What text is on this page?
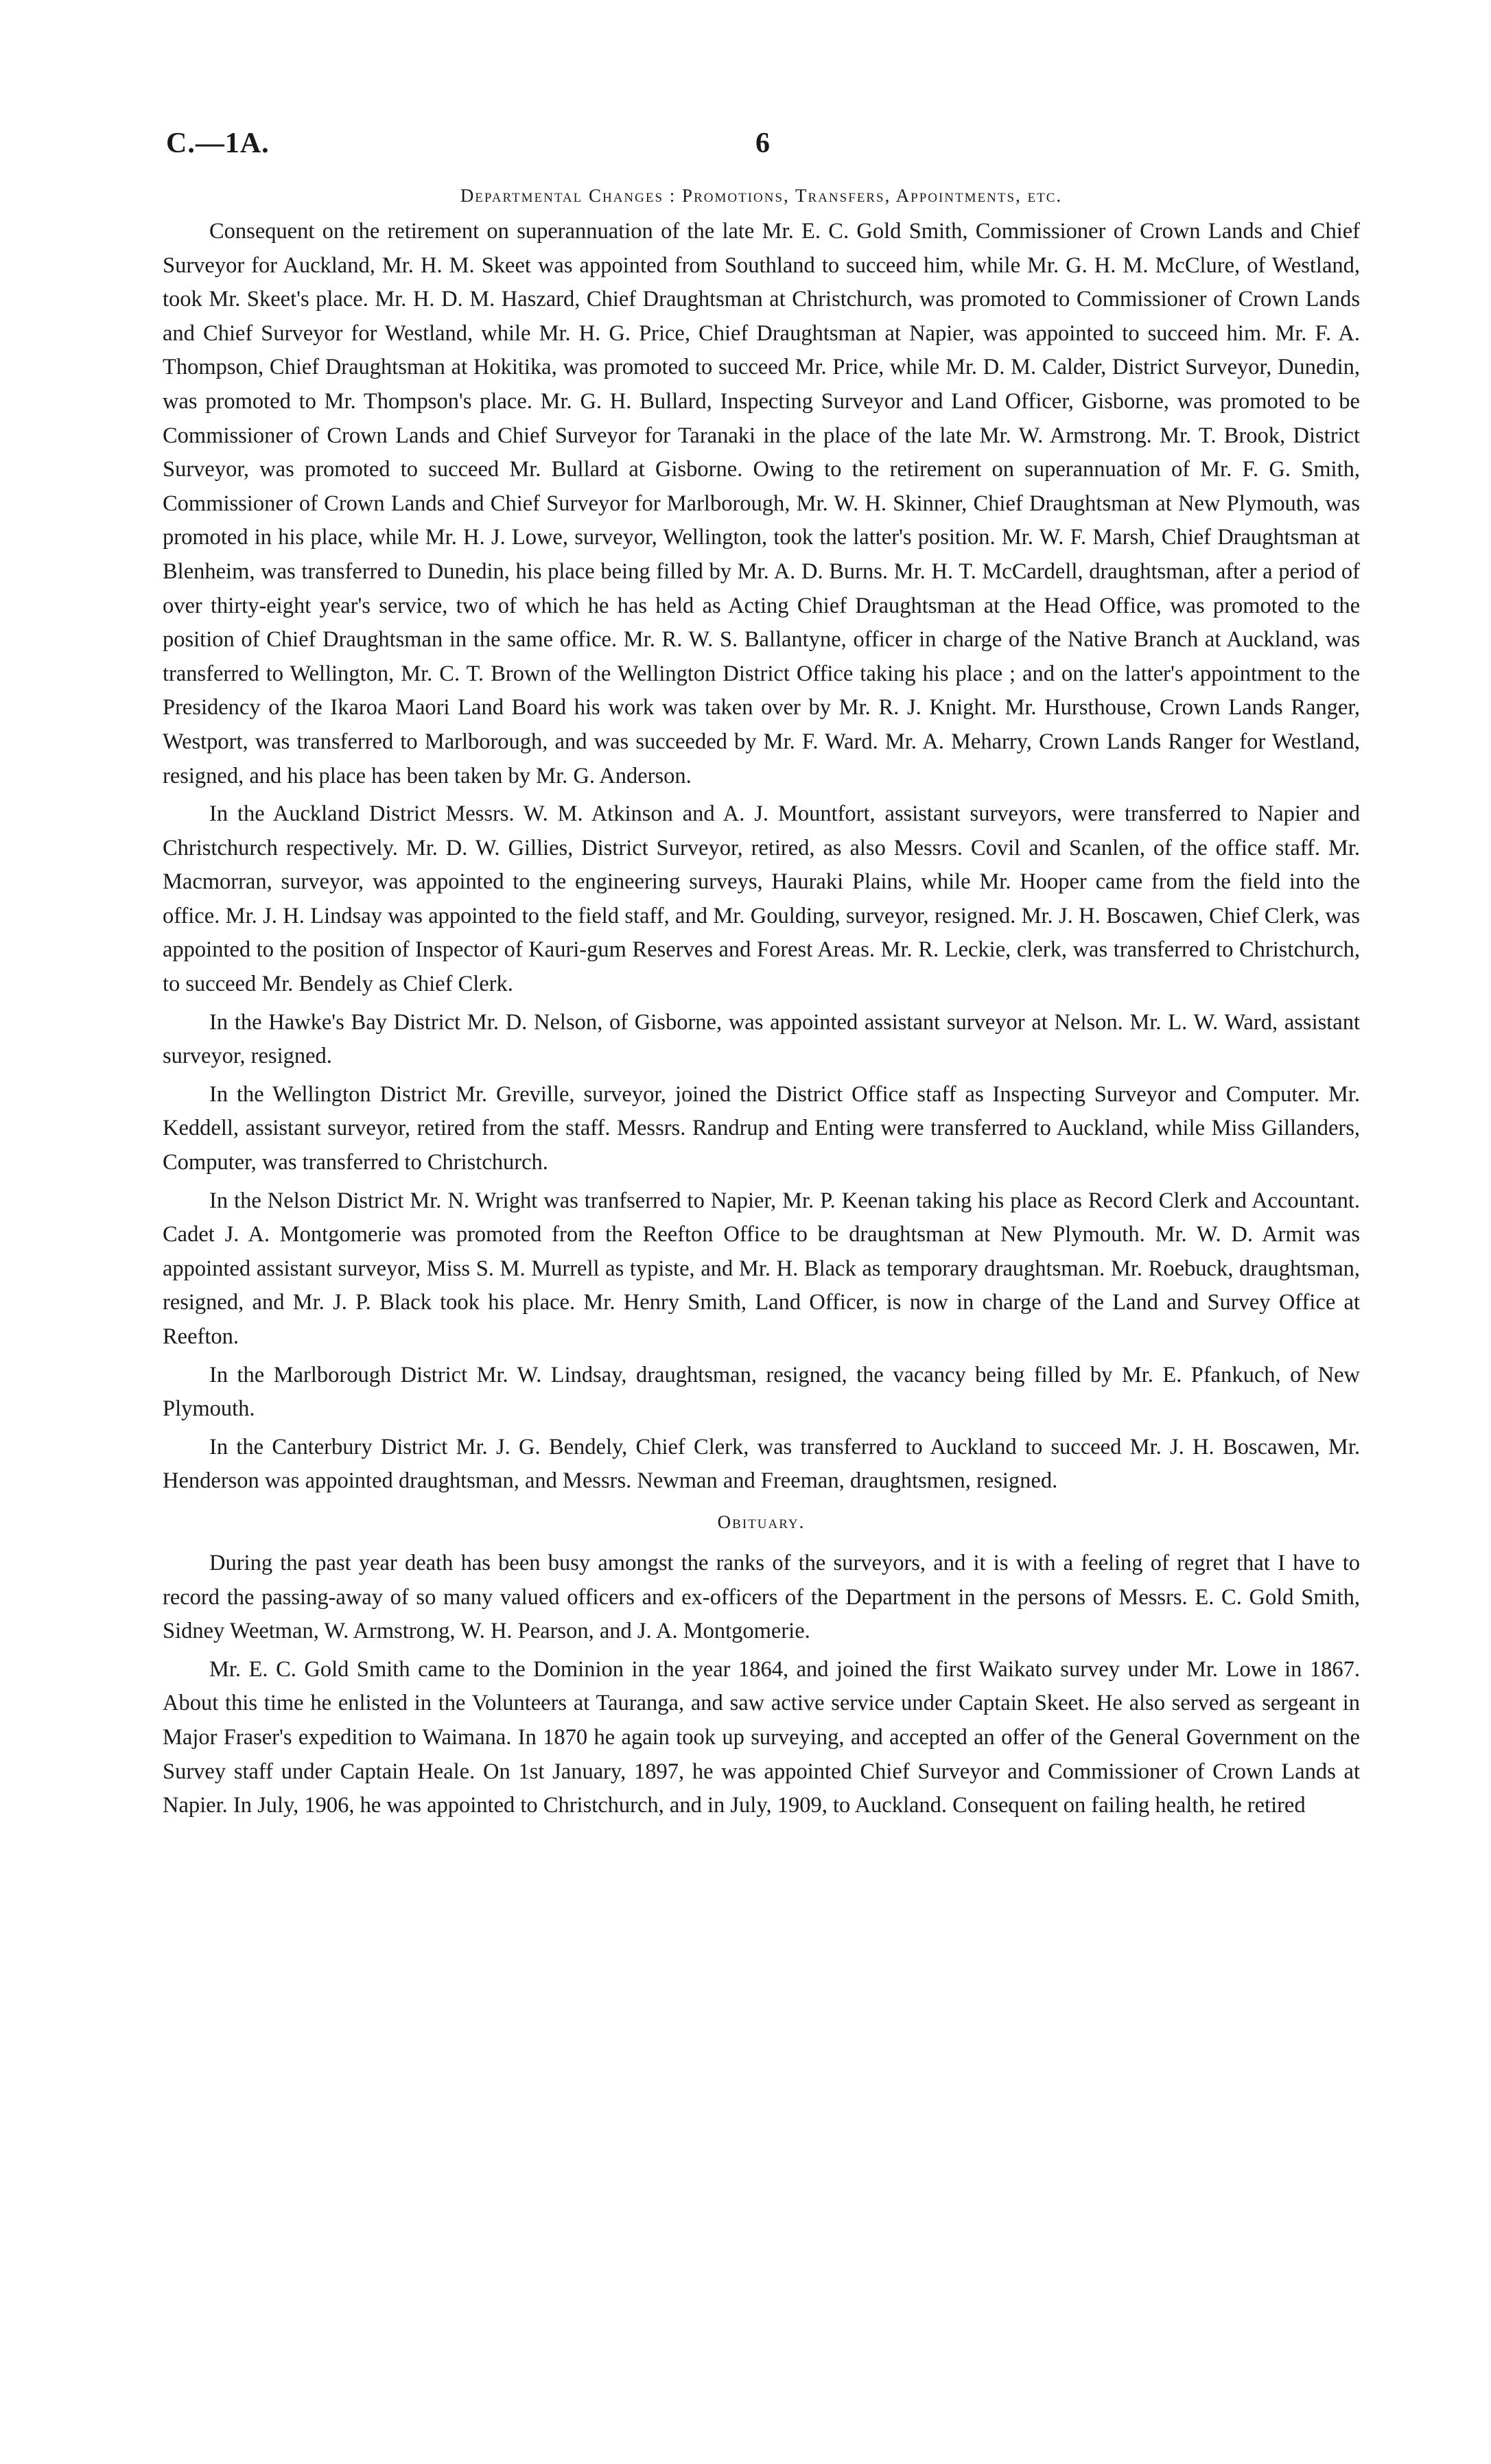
C.—1A.	6
Departmental Changes : Promotions, Transfers, Appointments, etc.

Consequent on the retirement on superannuation of the late Mr. E. C. Gold Smith, Commissioner of Crown Lands and Chief Surveyor for Auckland, Mr. H. M. Skeet was appointed from Southland to succeed him, while Mr. G. H. M. McClure, of Westland, took Mr. Skeet's place. Mr. H. D. M. Haszard, Chief Draughtsman at Christchurch, was promoted to Commissioner of Crown Lands and Chief Surveyor for Westland, while Mr. H. G. Price, Chief Draughtsman at Napier, was appointed to succeed him. Mr. F. A. Thompson, Chief Draughtsman at Hokitika, was promoted to succeed Mr. Price, while Mr. D. M. Calder, District Surveyor, Dunedin, was promoted to Mr. Thompson's place. Mr. G. H. Bullard, Inspecting Surveyor and Land Officer, Gisborne, was promoted to be Commissioner of Crown Lands and Chief Surveyor for Taranaki in the place of the late Mr. W. Armstrong. Mr. T. Brook, District Surveyor, was promoted to succeed Mr. Bullard at Gisborne. Owing to the retirement on superannuation of Mr. F. G. Smith, Commissioner of Crown Lands and Chief Surveyor for Marlborough, Mr. W. H. Skinner, Chief Draughtsman at New Plymouth, was promoted in his place, while Mr. H. J. Lowe, surveyor, Wellington, took the latter's position. Mr. W. F. Marsh, Chief Draughtsman at Blenheim, was transferred to Dunedin, his place being filled by Mr. A. D. Burns. Mr. H. T. McCardell, draughtsman, after a period of over thirty-eight year's service, two of which he has held as Acting Chief Draughtsman at the Head Office, was promoted to the position of Chief Draughtsman in the same office. Mr. R. W. S. Ballantyne, officer in charge of the Native Branch at Auckland, was transferred to Wellington, Mr. C. T. Brown of the Wellington District Office taking his place ; and on the latter's appointment to the Presidency of the Ikaroa Maori Land Board his work was taken over by Mr. R. J. Knight. Mr. Hursthouse, Crown Lands Ranger, Westport, was transferred to Marlborough, and was succeeded by Mr. F. Ward. Mr. A. Meharry, Crown Lands Ranger for Westland, resigned, and his place has been taken by Mr. G. Anderson.

In the Auckland District Messrs. W. M. Atkinson and A. J. Mountfort, assistant surveyors, were transferred to Napier and Christchurch respectively. Mr. D. W. Gillies, District Surveyor, retired, as also Messrs. Covil and Scanlen, of the office staff. Mr. Macmorran, surveyor, was appointed to the engineering surveys, Hauraki Plains, while Mr. Hooper came from the field into the office. Mr. J. H. Lindsay was appointed to the field staff, and Mr. Goulding, surveyor, resigned. Mr. J. H. Boscawen, Chief Clerk, was appointed to the position of Inspector of Kauri-gum Reserves and Forest Areas. Mr. R. Leckie, clerk, was transferred to Christchurch, to succeed Mr. Bendely as Chief Clerk.

In the Hawke's Bay District Mr. D. Nelson, of Gisborne, was appointed assistant surveyor at Nelson. Mr. L. W. Ward, assistant surveyor, resigned.

In the Wellington District Mr. Greville, surveyor, joined the District Office staff as Inspecting Surveyor and Computer. Mr. Keddell, assistant surveyor, retired from the staff. Messrs. Randrup and Enting were transferred to Auckland, while Miss Gillanders, Computer, was transferred to Christchurch.

In the Nelson District Mr. N. Wright was tranfserred to Napier, Mr. P. Keenan taking his place as Record Clerk and Accountant. Cadet J. A. Montgomerie was promoted from the Reefton Office to be draughtsman at New Plymouth. Mr. W. D. Armit was appointed assistant surveyor, Miss S. M. Murrell as typiste, and Mr. H. Black as temporary draughtsman. Mr. Roebuck, draughtsman, resigned, and Mr. J. P. Black took his place. Mr. Henry Smith, Land Officer, is now in charge of the Land and Survey Office at Reefton.

In the Marlborough District Mr. W. Lindsay, draughtsman, resigned, the vacancy being filled by Mr. E. Pfankuch, of New Plymouth.

In the Canterbury District Mr. J. G. Bendely, Chief Clerk, was transferred to Auckland to succeed Mr. J. H. Boscawen, Mr. Henderson was appointed draughtsman, and Messrs. Newman and Freeman, draughtsmen, resigned.

Obituary.

During the past year death has been busy amongst the ranks of the surveyors, and it is with a feeling of regret that I have to record the passing-away of so many valued officers and ex-officers of the Department in the persons of Messrs. E. C. Gold Smith, Sidney Weetman, W. Armstrong, W. H. Pearson, and J. A. Montgomerie.

Mr. E. C. Gold Smith came to the Dominion in the year 1864, and joined the first Waikato survey under Mr. Lowe in 1867. About this time he enlisted in the Volunteers at Tauranga, and saw active service under Captain Skeet. He also served as sergeant in Major Fraser's expedition to Waimana. In 1870 he again took up surveying, and accepted an offer of the General Government on the Survey staff under Captain Heale. On 1st January, 1897, he was appointed Chief Surveyor and Commissioner of Crown Lands at Napier. In July, 1906, he was appointed to Christchurch, and in July, 1909, to Auckland. Consequent on failing health, he retired
